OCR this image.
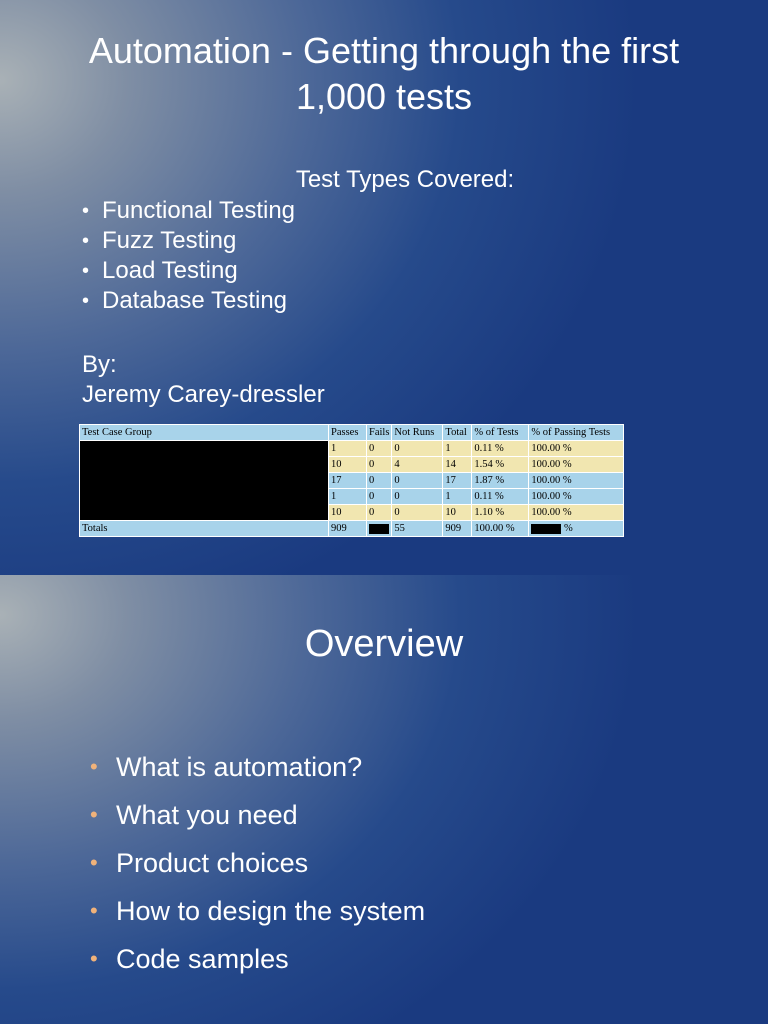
Automation - Getting through the first 1,000 tests
Test Types Covered:
• Functional Testing
• Fuzz Testing
• Load Testing
• Database Testing
By:
Jeremy Carey-dressler
Test Case Group	Passes	Fails	Not Runs	Total	% of Tests	% of Passing Tests
	1	0	0	1	0.11 %	100.00 %
	10	0	4	14	1.54 %	100.00 %
	17	0	0	17	1.87 %	100.00 %
	1	0	0	1	0.11 %	100.00 %
	10	0	0	10	1.10 %	100.00 %
Totals	909		55	909	100.00 %	%
Overview
• What is automation?
• What you need
• Product choices
• How to design the system
• Code samples
